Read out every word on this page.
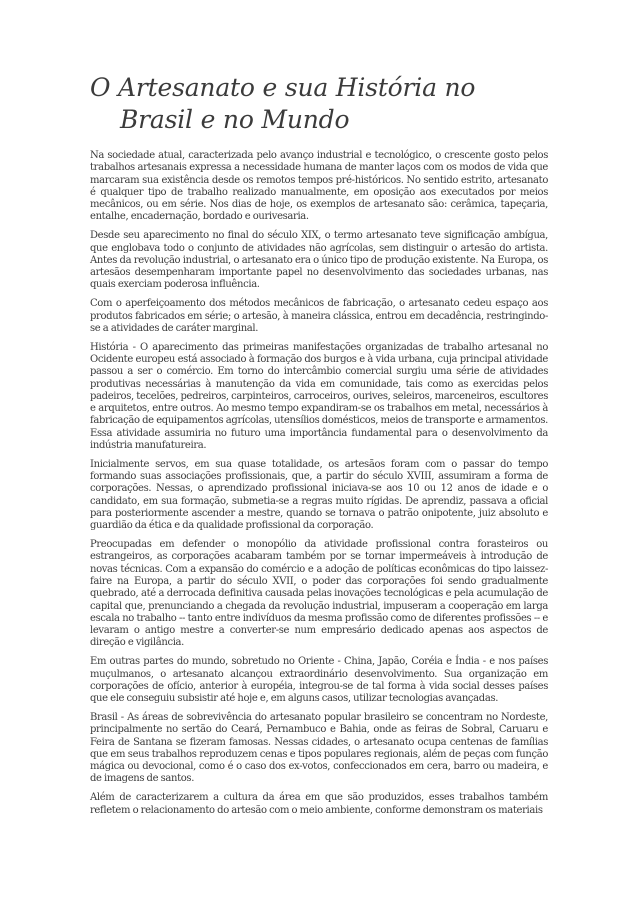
O Artesanato e sua História no
Brasil e no Mundo

Na sociedade atual, caracterizada pelo avanço industrial e tecnológico, o crescente gosto pelos trabalhos artesanais expressa a necessidade humana de manter laços com os modos de vida que marcaram sua existência desde os remotos tempos pré-históricos. No sentido estrito, artesanato é qualquer tipo de trabalho realizado manualmente, em oposição aos executados por meios mecânicos, ou em série. Nos dias de hoje, os exemplos de artesanato são: cerâmica, tapeçaria, entalhe, encadernação, bordado e ourivesaria.

Desde seu aparecimento no final do século XIX, o termo artesanato teve significação ambígua, que englobava todo o conjunto de atividades não agrícolas, sem distinguir o artesão do artista. Antes da revolução industrial, o artesanato era o único tipo de produção existente. Na Europa, os artesãos desempenharam importante papel no desenvolvimento das sociedades urbanas, nas quais exerciam poderosa influência.

Com o aperfeiçoamento dos métodos mecânicos de fabricação, o artesanato cedeu espaço aos produtos fabricados em série; o artesão, à maneira clássica, entrou em decadência, restringindo-se a atividades de caráter marginal.

História - O aparecimento das primeiras manifestações organizadas de trabalho artesanal no Ocidente europeu está associado à formação dos burgos e à vida urbana, cuja principal atividade passou a ser o comércio. Em torno do intercâmbio comercial surgiu uma série de atividades produtivas necessárias à manutenção da vida em comunidade, tais como as exercidas pelos padeiros, tecelões, pedreiros, carpinteiros, carroceiros, ourives, seleiros, marceneiros, escultores e arquitetos, entre outros. Ao mesmo tempo expandiram-se os trabalhos em metal, necessários à fabricação de equipamentos agrícolas, utensílios domésticos, meios de transporte e armamentos. Essa atividade assumiria no futuro uma importância fundamental para o desenvolvimento da indústria manufatureira.

Inicialmente servos, em sua quase totalidade, os artesãos foram com o passar do tempo formando suas associações profissionais, que, a partir do século XVIII, assumiram a forma de corporações. Nessas, o aprendizado profissional iniciava-se aos 10 ou 12 anos de idade e o candidato, em sua formação, submetia-se a regras muito rígidas. De aprendiz, passava a oficial para posteriormente ascender a mestre, quando se tornava o patrão onipotente, juiz absoluto e guardião da ética e da qualidade profissional da corporação.

Preocupadas em defender o monopólio da atividade profissional contra forasteiros ou estrangeiros, as corporações acabaram também por se tornar impermeáveis à introdução de novas técnicas. Com a expansão do comércio e a adoção de políticas econômicas do tipo laissez-faire na Europa, a partir do século XVII, o poder das corporações foi sendo gradualmente quebrado, até a derrocada definitiva causada pelas inovações tecnológicas e pela acumulação de capital que, prenunciando a chegada da revolução industrial, impuseram a cooperação em larga escala no trabalho -- tanto entre indivíduos da mesma profissão como de diferentes profissões -- e levaram o antigo mestre a converter-se num empresário dedicado apenas aos aspectos de direção e vigilância.

Em outras partes do mundo, sobretudo no Oriente - China, Japão, Coréia e Índia - e nos países muçulmanos, o artesanato alcançou extraordinário desenvolvimento. Sua organização em corporações de ofício, anterior à européia, integrou-se de tal forma à vida social desses países que ele conseguiu subsistir até hoje e, em alguns casos, utilizar tecnologias avançadas.

Brasil - As áreas de sobrevivência do artesanato popular brasileiro se concentram no Nordeste, principalmente no sertão do Ceará, Pernambuco e Bahia, onde as feiras de Sobral, Caruaru e Feira de Santana se fizeram famosas. Nessas cidades, o artesanato ocupa centenas de famílias que em seus trabalhos reproduzem cenas e tipos populares regionais, além de peças com função mágica ou devocional, como é o caso dos ex-votos, confeccionados em cera, barro ou madeira, e de imagens de santos.

Além de caracterizarem a cultura da área em que são produzidos, esses trabalhos também refletem o relacionamento do artesão com o meio ambiente, conforme demonstram os materiais
